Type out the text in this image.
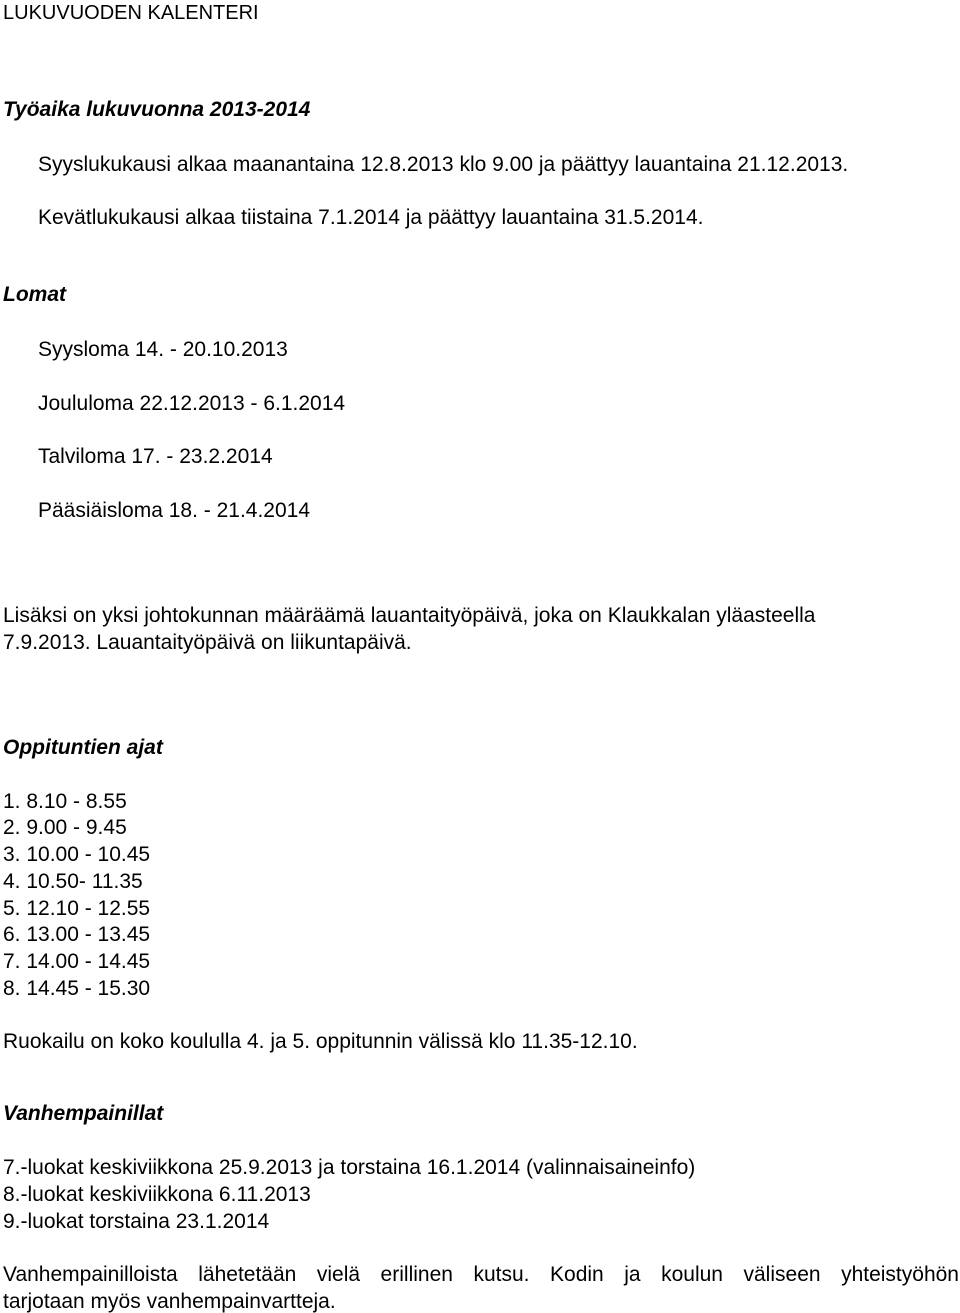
LUKUVUODEN KALENTERI
Työaika lukuvuonna 2013-2014
Syyslukukausi alkaa maanantaina 12.8.2013 klo 9.00 ja päättyy lauantaina 21.12.2013.
Kevätlukukausi alkaa tiistaina 7.1.2014 ja päättyy lauantaina 31.5.2014.
Lomat
Syysloma 14. - 20.10.2013
Joululoma 22.12.2013 - 6.1.2014
Talviloma 17. - 23.2.2014
Pääsiäisloma 18. - 21.4.2014
Lisäksi on yksi johtokunnan määräämä lauantaityöpäivä, joka on Klaukkalan yläasteella
7.9.2013. Lauantaityöpäivä on liikuntapäivä.
Oppituntien ajat
1. 8.10 - 8.55
2. 9.00 - 9.45
3. 10.00 - 10.45
4. 10.50- 11.35
5. 12.10 - 12.55
6. 13.00 - 13.45
7. 14.00 - 14.45
8. 14.45 - 15.30
Ruokailu on koko koululla 4. ja 5. oppitunnin välissä klo 11.35-12.10.
Vanhempainillat
7.-luokat keskiviikkona 25.9.2013 ja torstaina 16.1.2014 (valinnaisaineinfo)
8.-luokat keskiviikkona 6.11.2013
9.-luokat torstaina 23.1.2014
Vanhempainilloista lähetetään vielä erillinen kutsu. Kodin ja koulun väliseen yhteistyöhön
tarjotaan myös vanhempainvartteja.
